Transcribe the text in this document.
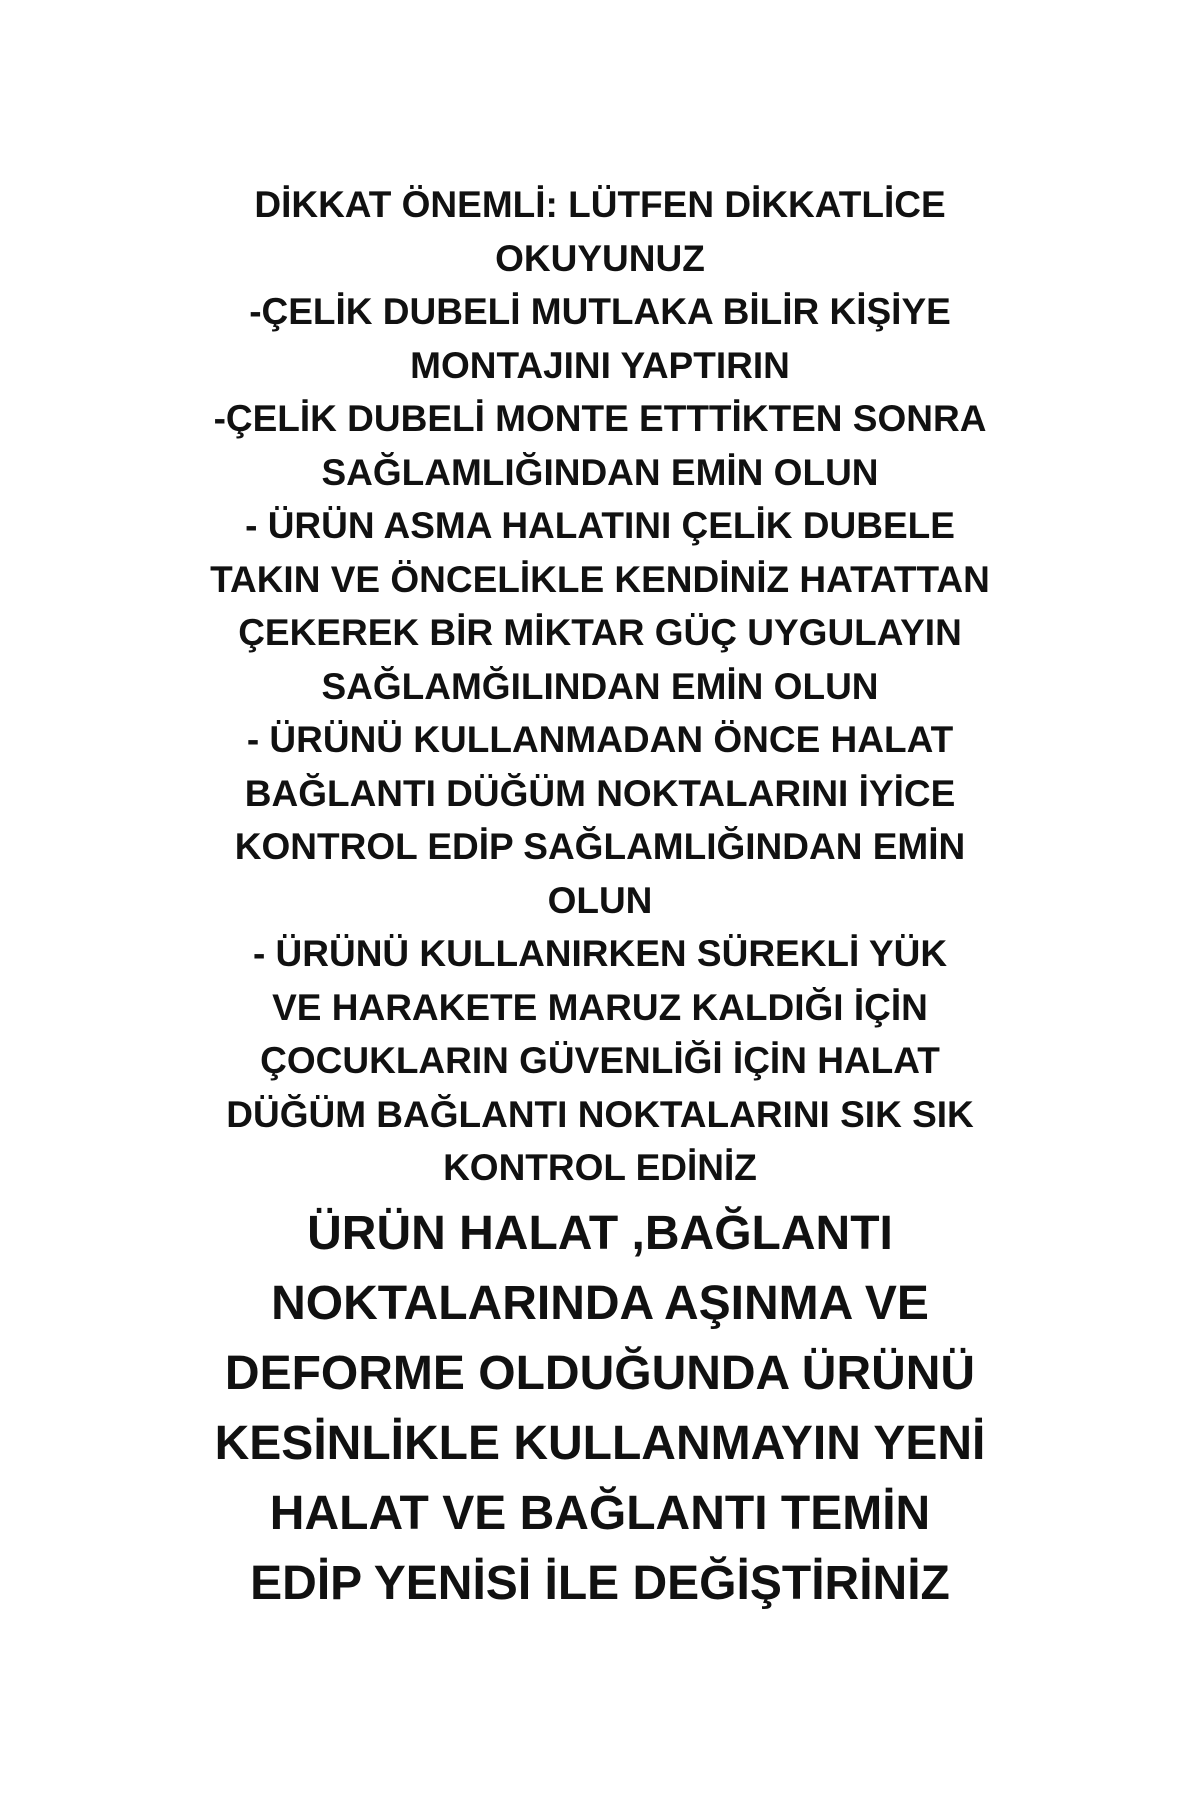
DİKKAT ÖNEMLİ: LÜTFEN DİKKATLİCE
OKUYUNUZ
-ÇELİK DUBELİ MUTLAKA BİLİR KİŞİYE
MONTAJINI YAPTIRIN
-ÇELİK DUBELİ MONTE ETTTİKTEN SONRA
SAĞLAMLIĞINDAN EMİN OLUN
- ÜRÜN ASMA HALATINI ÇELİK DUBELE
TAKIN VE ÖNCELİKLE KENDİNİZ HATATTAN
ÇEKEREK BİR MİKTAR GÜÇ UYGULAYIN
SAĞLAMĞILINDAN EMİN OLUN
- ÜRÜNÜ KULLANMADAN ÖNCE HALAT
BAĞLANTI DÜĞÜM NOKTALARINI İYİCE
KONTROL EDİP SAĞLAMLIĞINDAN EMİN
OLUN
- ÜRÜNÜ KULLANIRKEN SÜREKLİ YÜK
VE HARAKETE MARUZ KALDIĞI İÇİN
ÇOCUKLARIN GÜVENLİĞİ İÇİN HALAT
DÜĞÜM BAĞLANTI NOKTALARINI SIK SIK
KONTROL EDİNİZ
ÜRÜN HALAT ,BAĞLANTI
NOKTALARINDA AŞINMA VE
DEFORME OLDUĞUNDA ÜRÜNÜ
KESİNLİKLE KULLANMAYIN YENİ
HALAT VE BAĞLANTI TEMİN
EDİP YENİSİ İLE DEĞİŞTİRİNİZ
